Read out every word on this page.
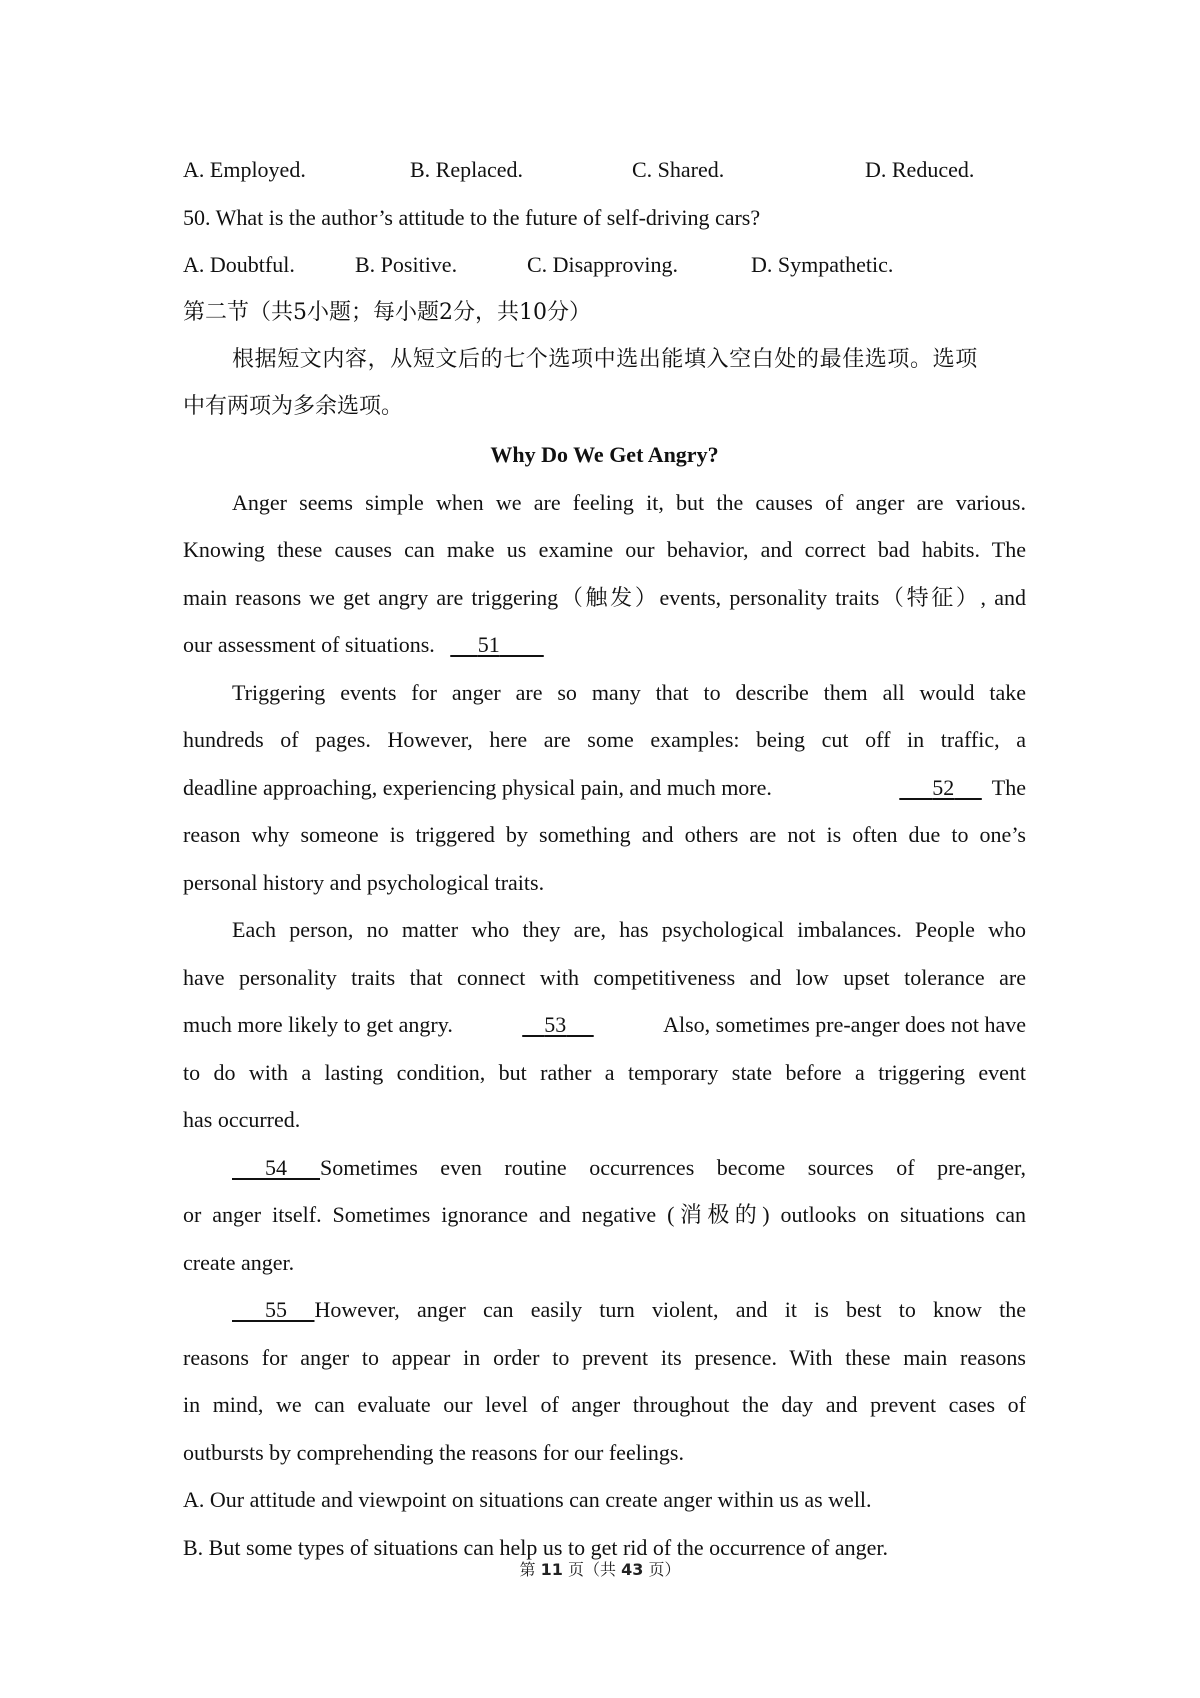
A. Employed.	B. Replaced.	C. Shared.	D. Reduced.
50. What is the author’s attitude to the future of self-driving cars?
A. Doubtful.	B. Positive.	C. Disapproving.	D. Sympathetic.
第二节（共5小题；每小题2分，共10分）
根据短文内容，从短文后的七个选项中选出能填入空白处的最佳选项。选项
中有两项为多余选项。
Why Do We Get Angry?
Anger seems simple when we are feeling it, but the causes of anger are various.
Knowing these causes can make us examine our behavior, and correct bad habits. The
main reasons we get angry are triggering（触发）events, personality traits（特征）, and
our assessment of situations. 51
Triggering events for anger are so many that to describe them all would take
hundreds of pages. However, here are some examples: being cut off in traffic, a
deadline approaching, experiencing physical pain, and much more.	52	The
reason why someone is triggered by something and others are not is often due to one’s
personal history and psychological traits.
Each person, no matter who they are, has psychological imbalances. People who
have personality traits that connect with competitiveness and low upset tolerance are
much more likely to get angry.	53	Also, sometimes pre-anger does not have
to do with a lasting condition, but rather a temporary state before a triggering event
has occurred.
54	Sometimes even routine occurrences become sources of pre-anger,
or anger itself. Sometimes ignorance and negative (消极的) outlooks on situations can
create anger.
55	However, anger can easily turn violent, and it is best to know the
reasons for anger to appear in order to prevent its presence. With these main reasons
in mind, we can evaluate our level of anger throughout the day and prevent cases of
outbursts by comprehending the reasons for our feelings.
A. Our attitude and viewpoint on situations can create anger within us as well.
B. But some types of situations can help us to get rid of the occurrence of anger.
第 11 页（共 43 页）
